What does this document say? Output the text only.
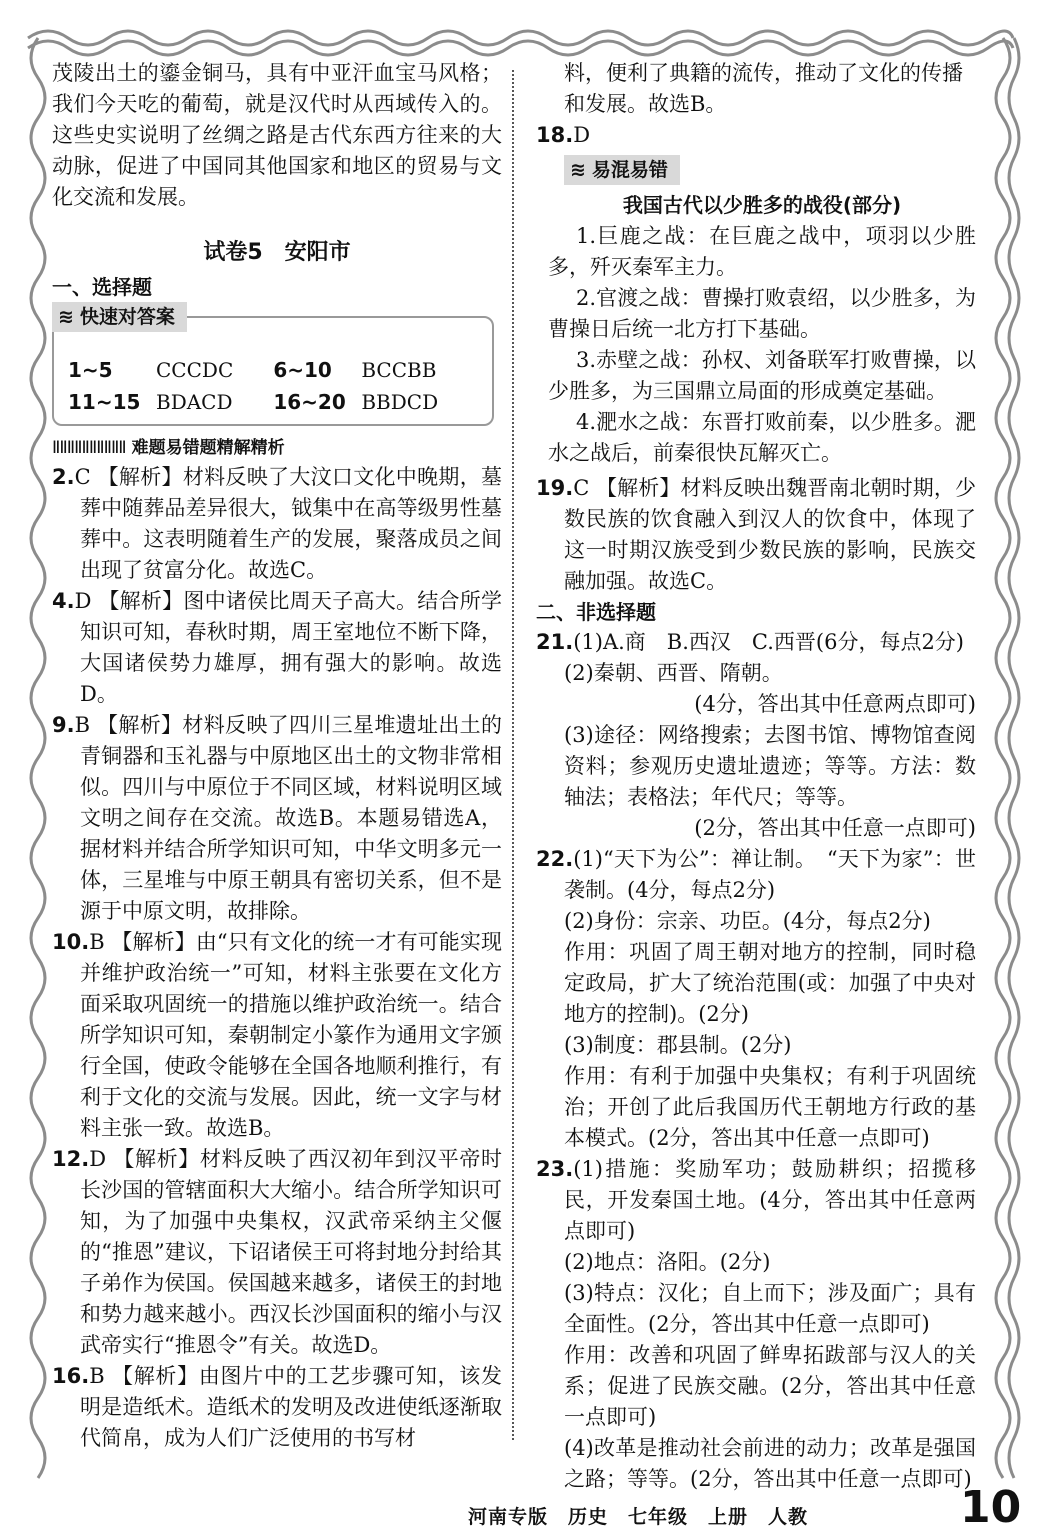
茂陵出土的鎏金铜马，具有中亚汗血宝马风格；我们今天吃的葡萄，就是汉代时从西域传入的。这些史实说明了丝绸之路是古代东西方往来的大动脉，促进了中国同其他国家和地区的贸易与文化交流和发展。

试卷5　安阳市
一、选择题
≋ 快速对答案
1~5	CCCDC	6~10	BCCBB
11~15	BDACD	16~20	BBDCD
ⅡⅡⅡⅡⅡⅡⅡⅡⅡⅡ 难题易错题精解精析

2.C 【解析】材料反映了大汶口文化中晚期，墓葬中随葬品差异很大，钺集中在高等级男性墓葬中。这表明随着生产的发展，聚落成员之间出现了贫富分化。故选C。

4.D 【解析】图中诸侯比周天子高大。结合所学知识可知，春秋时期，周王室地位不断下降，大国诸侯势力雄厚，拥有强大的影响。故选D。

9.B 【解析】材料反映了四川三星堆遗址出土的青铜器和玉礼器与中原地区出土的文物非常相似。四川与中原位于不同区域，材料说明区域文明之间存在交流。故选B。本题易错选A，据材料并结合所学知识可知，中华文明多元一体，三星堆与中原王朝具有密切关系，但不是源于中原文明，故排除。

10.B 【解析】由“只有文化的统一才有可能实现并维护政治统一”可知，材料主张要在文化方面采取巩固统一的措施以维护政治统一。结合所学知识可知，秦朝制定小篆作为通用文字颁行全国，使政令能够在全国各地顺利推行，有利于文化的交流与发展。因此，统一文字与材料主张一致。故选B。

12.D 【解析】材料反映了西汉初年到汉平帝时长沙国的管辖面积大大缩小。结合所学知识可知，为了加强中央集权，汉武帝采纳主父偃的“推恩”建议，下诏诸侯王可将封地分封给其子弟作为侯国。侯国越来越多，诸侯王的封地和势力越来越小。西汉长沙国面积的缩小与汉武帝实行“推恩令”有关。故选D。

16.B 【解析】由图片中的工艺步骤可知，该发明是造纸术。造纸术的发明及改进使纸逐渐取代简帛，成为人们广泛使用的书写材

料，便利了典籍的流传，推动了文化的传播和发展。故选B。

18.D

≋ 易混易错
我国古代以少胜多的战役(部分)

1.巨鹿之战：在巨鹿之战中，项羽以少胜多，歼灭秦军主力。

2.官渡之战：曹操打败袁绍，以少胜多，为曹操日后统一北方打下基础。

3.赤壁之战：孙权、刘备联军打败曹操，以少胜多，为三国鼎立局面的形成奠定基础。

4.淝水之战：东晋打败前秦，以少胜多。淝水之战后，前秦很快瓦解灭亡。

19.C 【解析】材料反映出魏晋南北朝时期，少数民族的饮食融入到汉人的饮食中，体现了这一时期汉族受到少数民族的影响，民族交融加强。故选C。

二、非选择题

21.(1)A.商　B.西汉　C.西晋(6分，每点2分)

(2)秦朝、西晋、隋朝。

(4分，答出其中任意两点即可)

(3)途径：网络搜索；去图书馆、博物馆查阅资料；参观历史遗址遗迹；等等。方法：数轴法；表格法；年代尺；等等。

(2分，答出其中任意一点即可)

22.(1)“天下为公”：禅让制。　“天下为家”：世袭制。(4分，每点2分)

(2)身份：宗亲、功臣。(4分，每点2分)

作用：巩固了周王朝对地方的控制，同时稳定政局，扩大了统治范围(或：加强了中央对地方的控制)。(2分)

(3)制度：郡县制。(2分)

作用：有利于加强中央集权；有利于巩固统治；开创了此后我国历代王朝地方行政的基本模式。(2分，答出其中任意一点即可)

23.(1)措施：奖励军功；鼓励耕织；招揽移民，开发秦国土地。(4分，答出其中任意两点即可)

(2)地点：洛阳。(2分)

(3)特点：汉化；自上而下；涉及面广；具有全面性。(2分，答出其中任意一点即可)

作用：改善和巩固了鲜卑拓跋部与汉人的关系；促进了民族交融。(2分，答出其中任意一点即可)

(4)改革是推动社会前进的动力；改革是强国之路；等等。(2分，答出其中任意一点即可)

河南专版　历史　七年级　上册　人教	10
